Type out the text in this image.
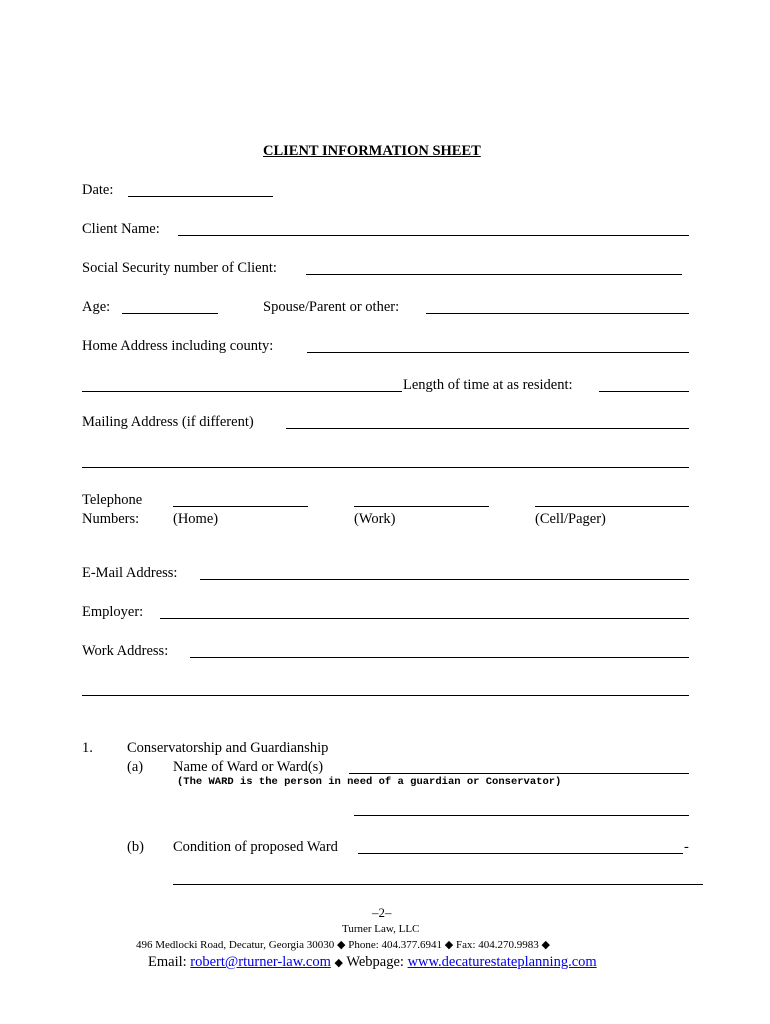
CLIENT INFORMATION SHEET
Date:
Client Name:
Social Security number of Client:
Age:	Spouse/Parent or other:
Home Address including county:
Length of time at as resident:
Mailing Address (if different)
Telephone
Numbers: (Home)	(Work)	(Cell/Pager)
E-Mail Address:
Employer:
Work Address:
1. Conservatorship and Guardianship
(a) Name of Ward or Ward(s)
(The WARD is the person in need of a guardian or Conservator)
(b) Condition of proposed Ward	-
–2–
Turner Law, LLC
496 Medlocki Road, Decatur, Georgia 30030 ◆ Phone: 404.377.6941 ◆ Fax: 404.270.9983 ◆
Email: robert@rturner-law.com ◆ Webpage: www.decaturestateplanning.com
